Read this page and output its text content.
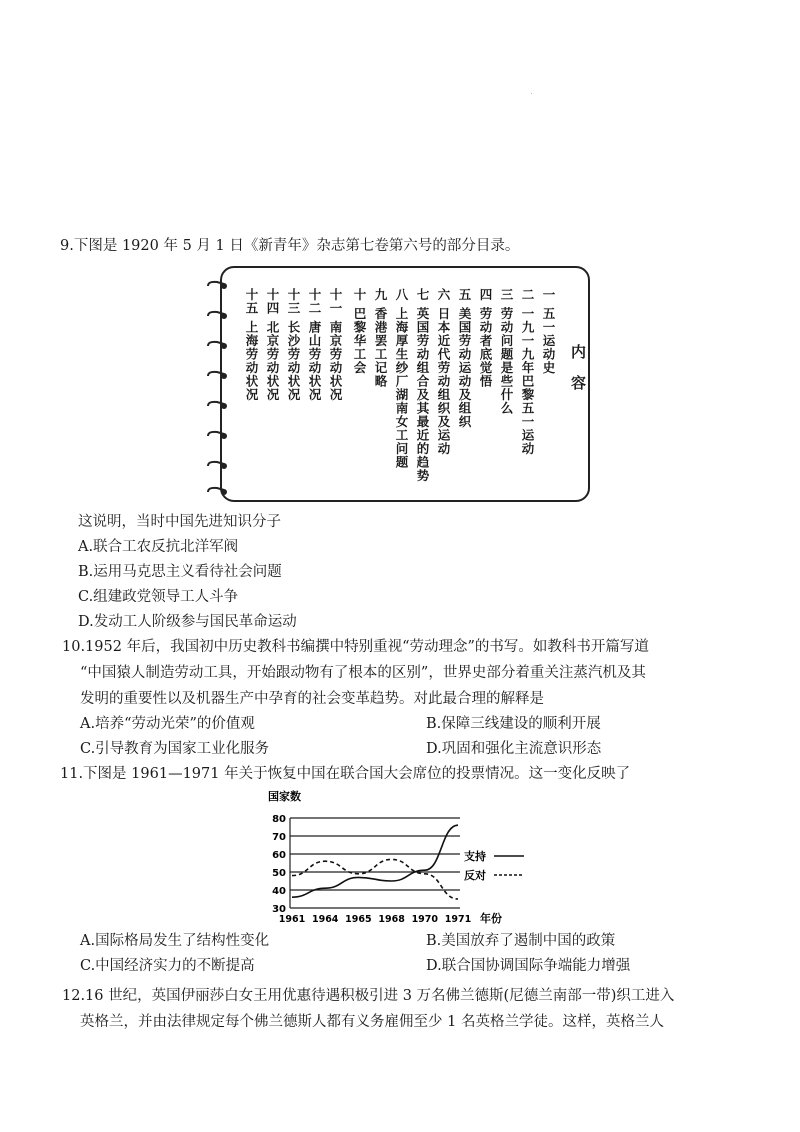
9.下图是 1920 年 5 月 1 日《新青年》杂志第七卷第六号的部分目录。
内容
一 五一运动史
二 一九一九年巴黎五一运动
三 劳动问题是些什么
四 劳动者底觉悟
五 美国劳动运动及组织
六 日本近代劳动组织及运动
七 英国劳动组合及其最近的趋势
八 上海厚生纱厂湖南女工问题
九 香港罢工记略
十 巴黎华工会
十一 南京劳动状况
十二 唐山劳动状况
十三 长沙劳动状况
十四 北京劳动状况
十五 上海劳动状况
这说明，当时中国先进知识分子
A.联合工农反抗北洋军阀
B.运用马克思主义看待社会问题
C.组建政党领导工人斗争
D.发动工人阶级参与国民革命运动
10.1952 年后，我国初中历史教科书编撰中特别重视“劳动理念”的书写。如教科书开篇写道
“中国猿人制造劳动工具，开始跟动物有了根本的区别”，世界史部分着重关注蒸汽机及其
发明的重要性以及机器生产中孕育的社会变革趋势。对此最合理的解释是
A.培养“劳动光荣”的价值观	B.保障三线建设的顺利开展
C.引导教育为国家工业化服务	D.巩固和强化主流意识形态
11.下图是 1961—1971 年关于恢复中国在联合国大会席位的投票情况。这一变化反映了
国家数
30
40
50
60
70
80
1961 1964 1965 1968 1970 1971 年份
支持
反对
A.国际格局发生了结构性变化	B.美国放弃了遏制中国的政策
C.中国经济实力的不断提高	D.联合国协调国际争端能力增强
12.16 世纪，英国伊丽莎白女王用优惠待遇积极引进 3 万名佛兰德斯(尼德兰南部一带)织工进入
英格兰，并由法律规定每个佛兰德斯人都有义务雇佣至少 1 名英格兰学徒。这样，英格兰人
